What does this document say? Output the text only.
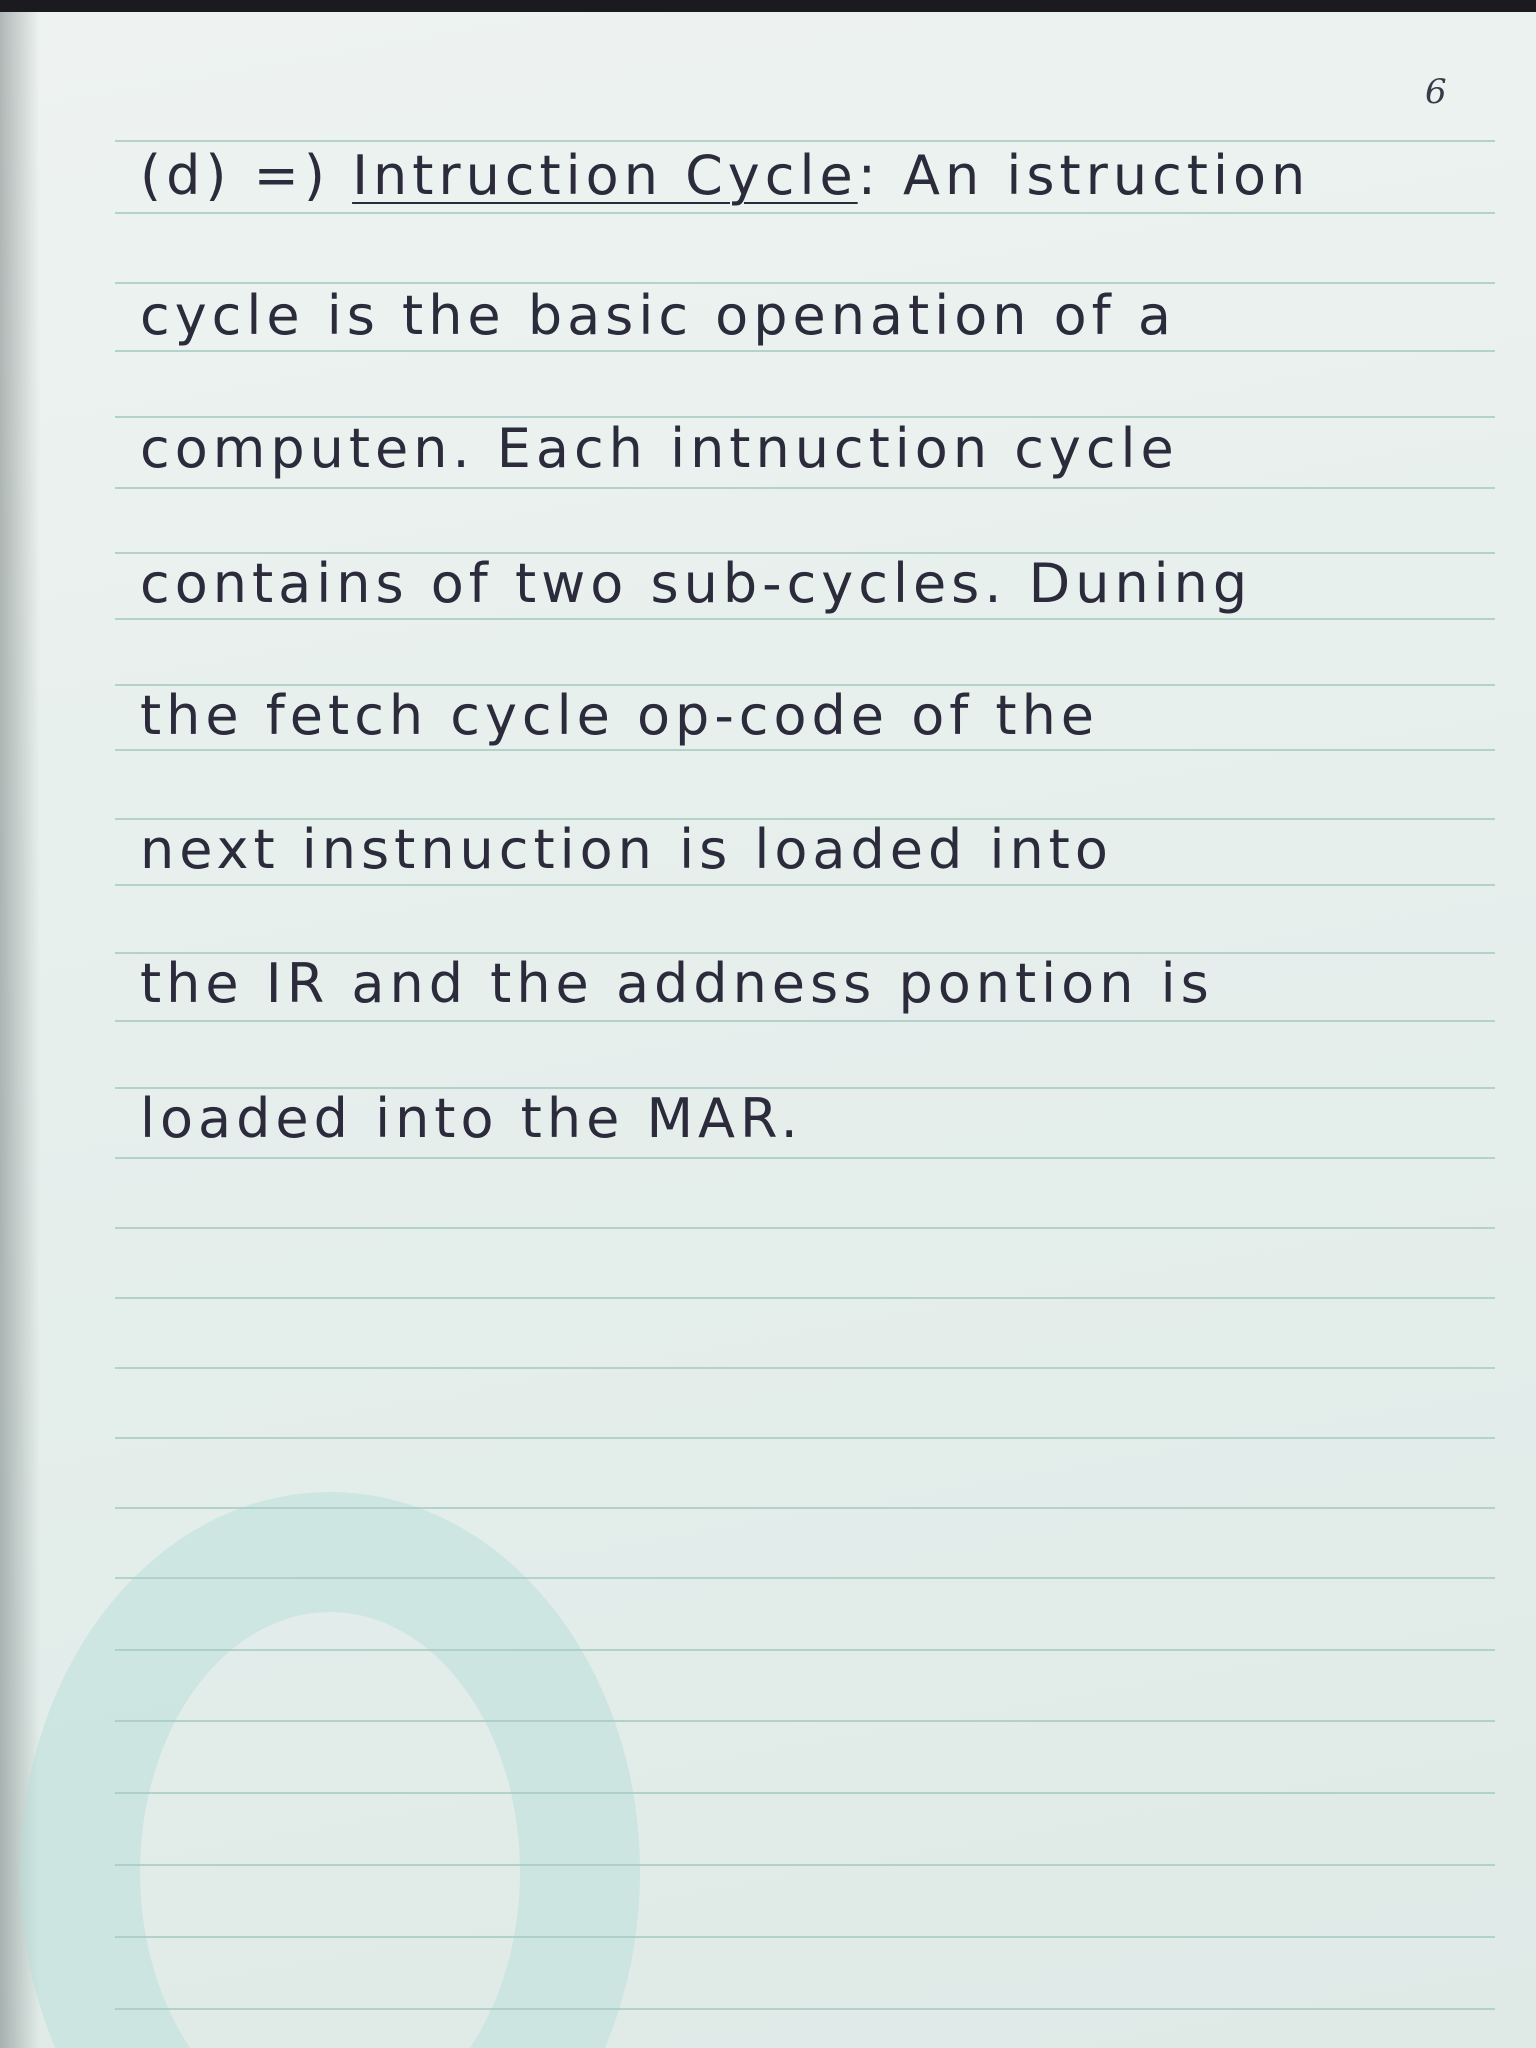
6
(d) =) Intruction Cycle: An istruction
cycle is the basic openation of a
computen. Each intnuction cycle
contains of two sub-cycles. Duning
the fetch cycle op-code of the
next instnuction is loaded into
the IR and the addness pontion is
loaded into the MAR.
